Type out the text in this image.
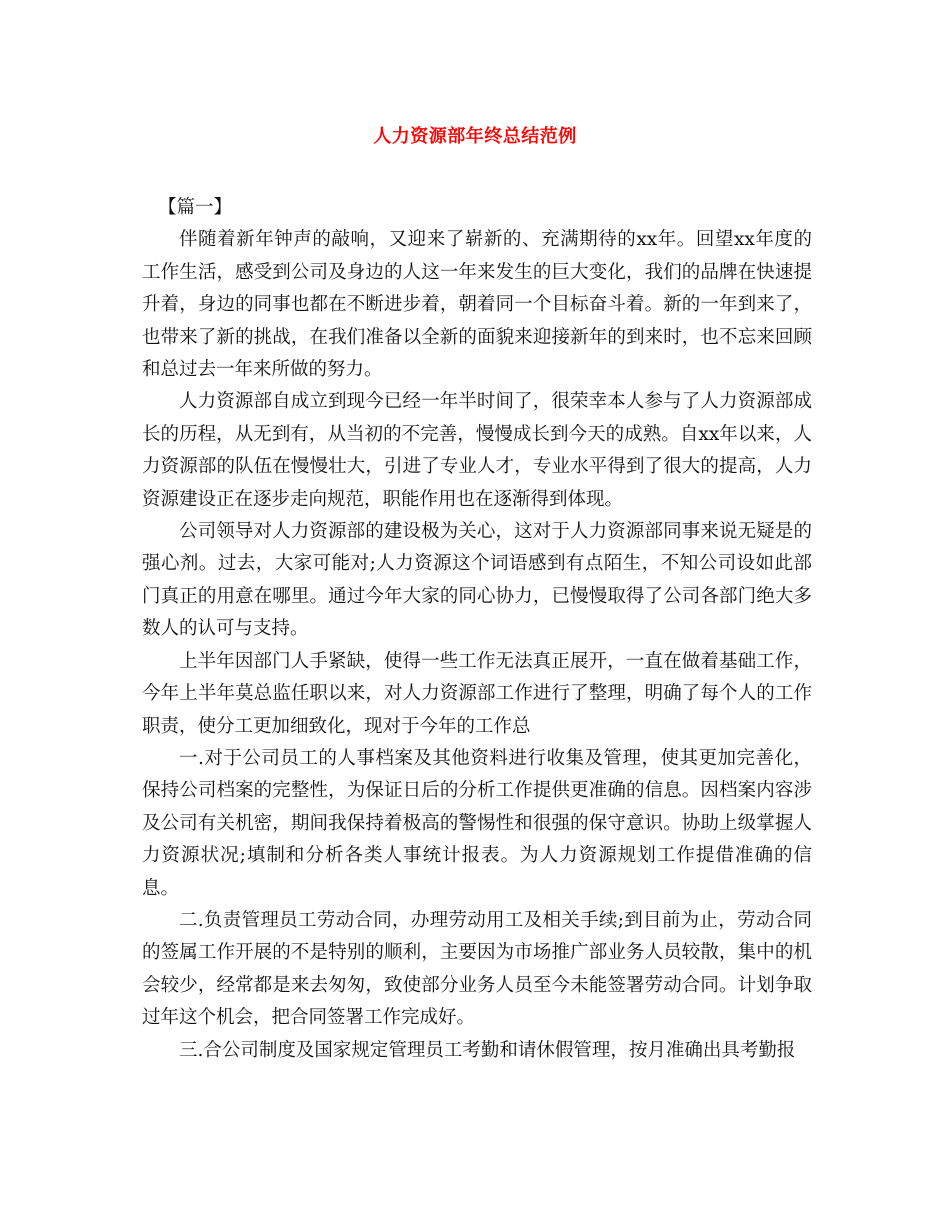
人力资源部年终总结范例

【篇一】

伴随着新年钟声的敲响，又迎来了崭新的、充满期待的xx年。回望xx年度的工作生活，感受到公司及身边的人这一年来发生的巨大变化，我们的品牌在快速提升着，身边的同事也都在不断进步着，朝着同一个目标奋斗着。新的一年到来了，也带来了新的挑战，在我们准备以全新的面貌来迎接新年的到来时，也不忘来回顾和总过去一年来所做的努力。

人力资源部自成立到现今已经一年半时间了，很荣幸本人参与了人力资源部成长的历程，从无到有，从当初的不完善，慢慢成长到今天的成熟。自xx年以来，人力资源部的队伍在慢慢壮大，引进了专业人才，专业水平得到了很大的提高，人力资源建设正在逐步走向规范，职能作用也在逐渐得到体现。

公司领导对人力资源部的建设极为关心，这对于人力资源部同事来说无疑是的强心剂。过去，大家可能对;人力资源这个词语感到有点陌生，不知公司设如此部门真正的用意在哪里。通过今年大家的同心协力，已慢慢取得了公司各部门绝大多数人的认可与支持。

上半年因部门人手紧缺，使得一些工作无法真正展开，一直在做着基础工作，今年上半年莫总监任职以来，对人力资源部工作进行了整理，明确了每个人的工作职责，使分工更加细致化，现对于今年的工作总

一.对于公司员工的人事档案及其他资料进行收集及管理，使其更加完善化，保持公司档案的完整性，为保证日后的分析工作提供更准确的信息。因档案内容涉及公司有关机密，期间我保持着极高的警惕性和很强的保守意识。协助上级掌握人力资源状况;填制和分析各类人事统计报表。为人力资源规划工作提借准确的信息。

二.负责管理员工劳动合同，办理劳动用工及相关手续;到目前为止，劳动合同的签属工作开展的不是特别的顺利，主要因为市场推广部业务人员较散，集中的机会较少，经常都是来去匆匆，致使部分业务人员至今未能签署劳动合同。计划争取过年这个机会，把合同签署工作完成好。

三.合公司制度及国家规定管理员工考勤和请休假管理，按月准确出具考勤报
